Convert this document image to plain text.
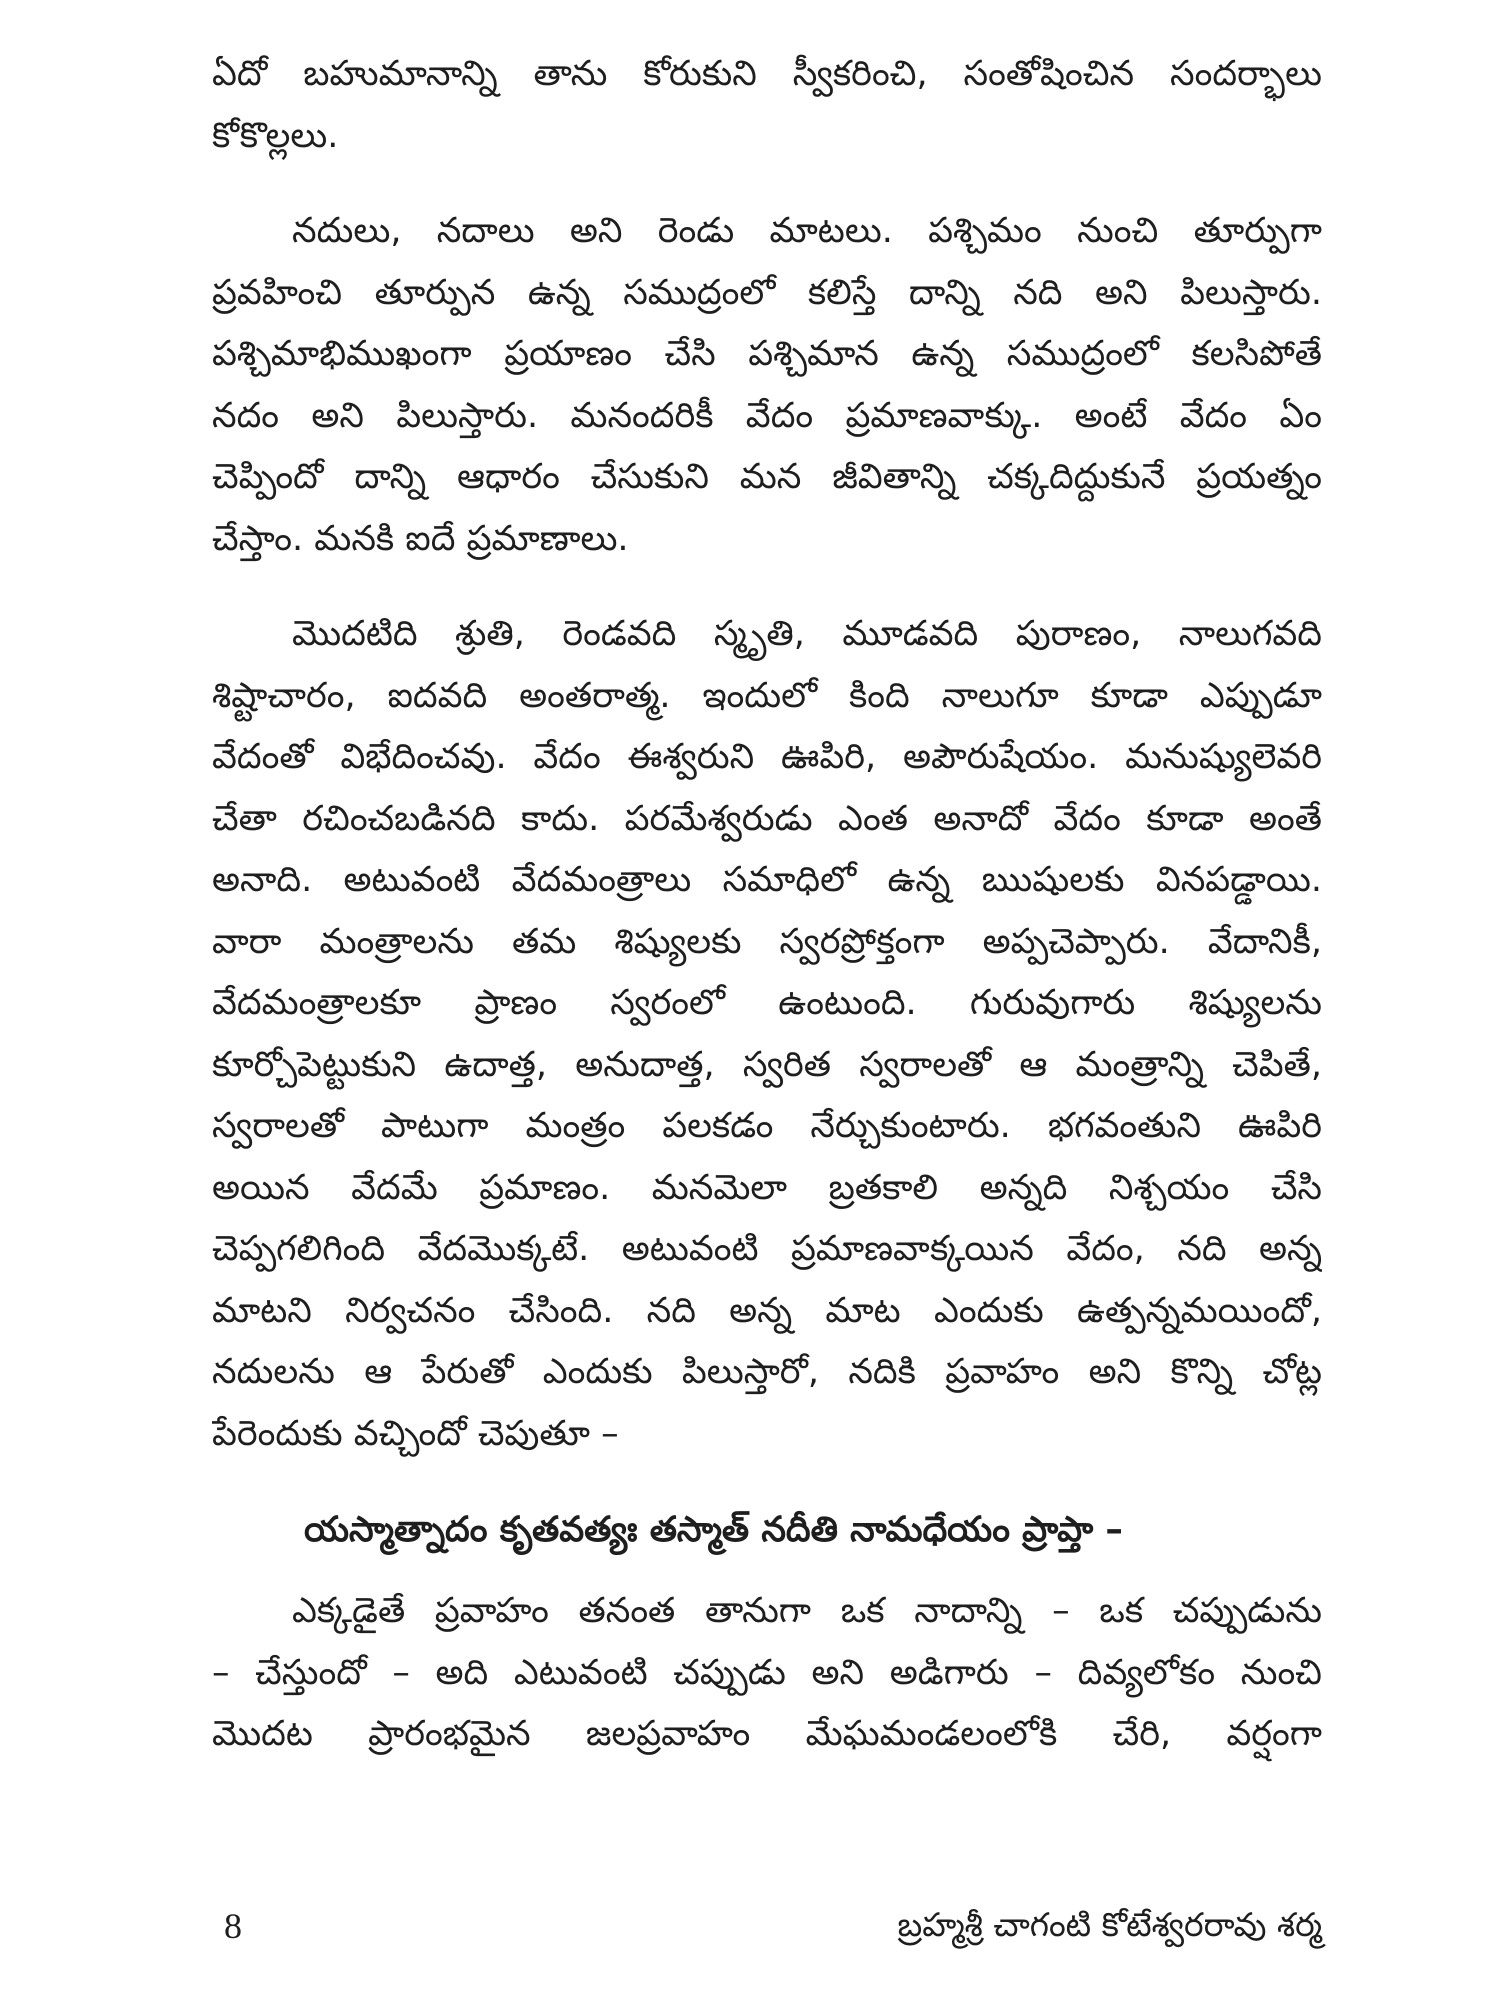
ఏదో బహుమానాన్ని తాను కోరుకుని స్వీకరించి, సంతోషించిన సందర్భాలు
కోకొల్లలు.

నదులు, నదాలు అని రెండు మాటలు. పశ్చిమం నుంచి తూర్పుగా
ప్రవహించి తూర్పున ఉన్న సముద్రంలో కలిస్తే దాన్ని నది అని పిలుస్తారు.
పశ్చిమాభిముఖంగా ప్రయాణం చేసి పశ్చిమాన ఉన్న సముద్రంలో కలసిపోతే
నదం అని పిలుస్తారు. మనందరికీ వేదం ప్రమాణవాక్కు. అంటే వేదం ఏం
చెప్పిందో దాన్ని ఆధారం చేసుకుని మన జీవితాన్ని చక్కదిద్దుకునే ప్రయత్నం
చేస్తాం. మనకి ఐదే ప్రమాణాలు.

మొదటిది శ్రుతి, రెండవది స్మృతి, మూడవది పురాణం, నాలుగవది
శిష్టాచారం, ఐదవది అంతరాత్మ. ఇందులో కింది నాలుగూ కూడా ఎప్పుడూ
వేదంతో విభేదించవు. వేదం ఈశ్వరుని ఊపిరి, అపౌరుషేయం. మనుష్యులెవరి
చేతా రచించబడినది కాదు. పరమేశ్వరుడు ఎంత అనాదో వేదం కూడా అంతే
అనాది. అటువంటి వేదమంత్రాలు సమాధిలో ఉన్న ఋషులకు వినపడ్డాయి.
వారా మంత్రాలను తమ శిష్యులకు స్వరప్రోక్తంగా అప్పచెప్పారు. వేదానికీ,
వేదమంత్రాలకూ ప్రాణం స్వరంలో ఉంటుంది. గురువుగారు శిష్యులను
కూర్చోపెట్టుకుని ఉదాత్త, అనుదాత్త, స్వరిత స్వరాలతో ఆ మంత్రాన్ని చెపితే,
స్వరాలతో పాటుగా మంత్రం పలకడం నేర్చుకుంటారు. భగవంతుని ఊపిరి
అయిన వేదమే ప్రమాణం. మనమెలా బ్రతకాలి అన్నది నిశ్చయం చేసి
చెప్పగలిగింది వేదమొక్కటే. అటువంటి ప్రమాణవాక్కయిన వేదం, నది అన్న
మాటని నిర్వచనం చేసింది. నది అన్న మాట ఎందుకు ఉత్పన్నమయిందో,
నదులను ఆ పేరుతో ఎందుకు పిలుస్తారో, నదికి ప్రవాహం అని కొన్ని చోట్ల
పేరెందుకు వచ్చిందో చెపుతూ –

యస్మాత్నాదం కృతవత్యః తస్మాత్ నదీతి నామధేయం ప్రాప్తా –

ఎక్కడైతే ప్రవాహం తనంత తానుగా ఒక నాదాన్ని – ఒక చప్పుడును
– చేస్తుందో – అది ఎటువంటి చప్పుడు అని అడిగారు – దివ్యలోకం నుంచి
మొదట ప్రారంభమైన జలప్రవాహం మేఘమండలంలోకి చేరి, వర్షంగా

8	బ్రహ్మశ్రీ చాగంటి కోటేశ్వరరావు శర్మ
